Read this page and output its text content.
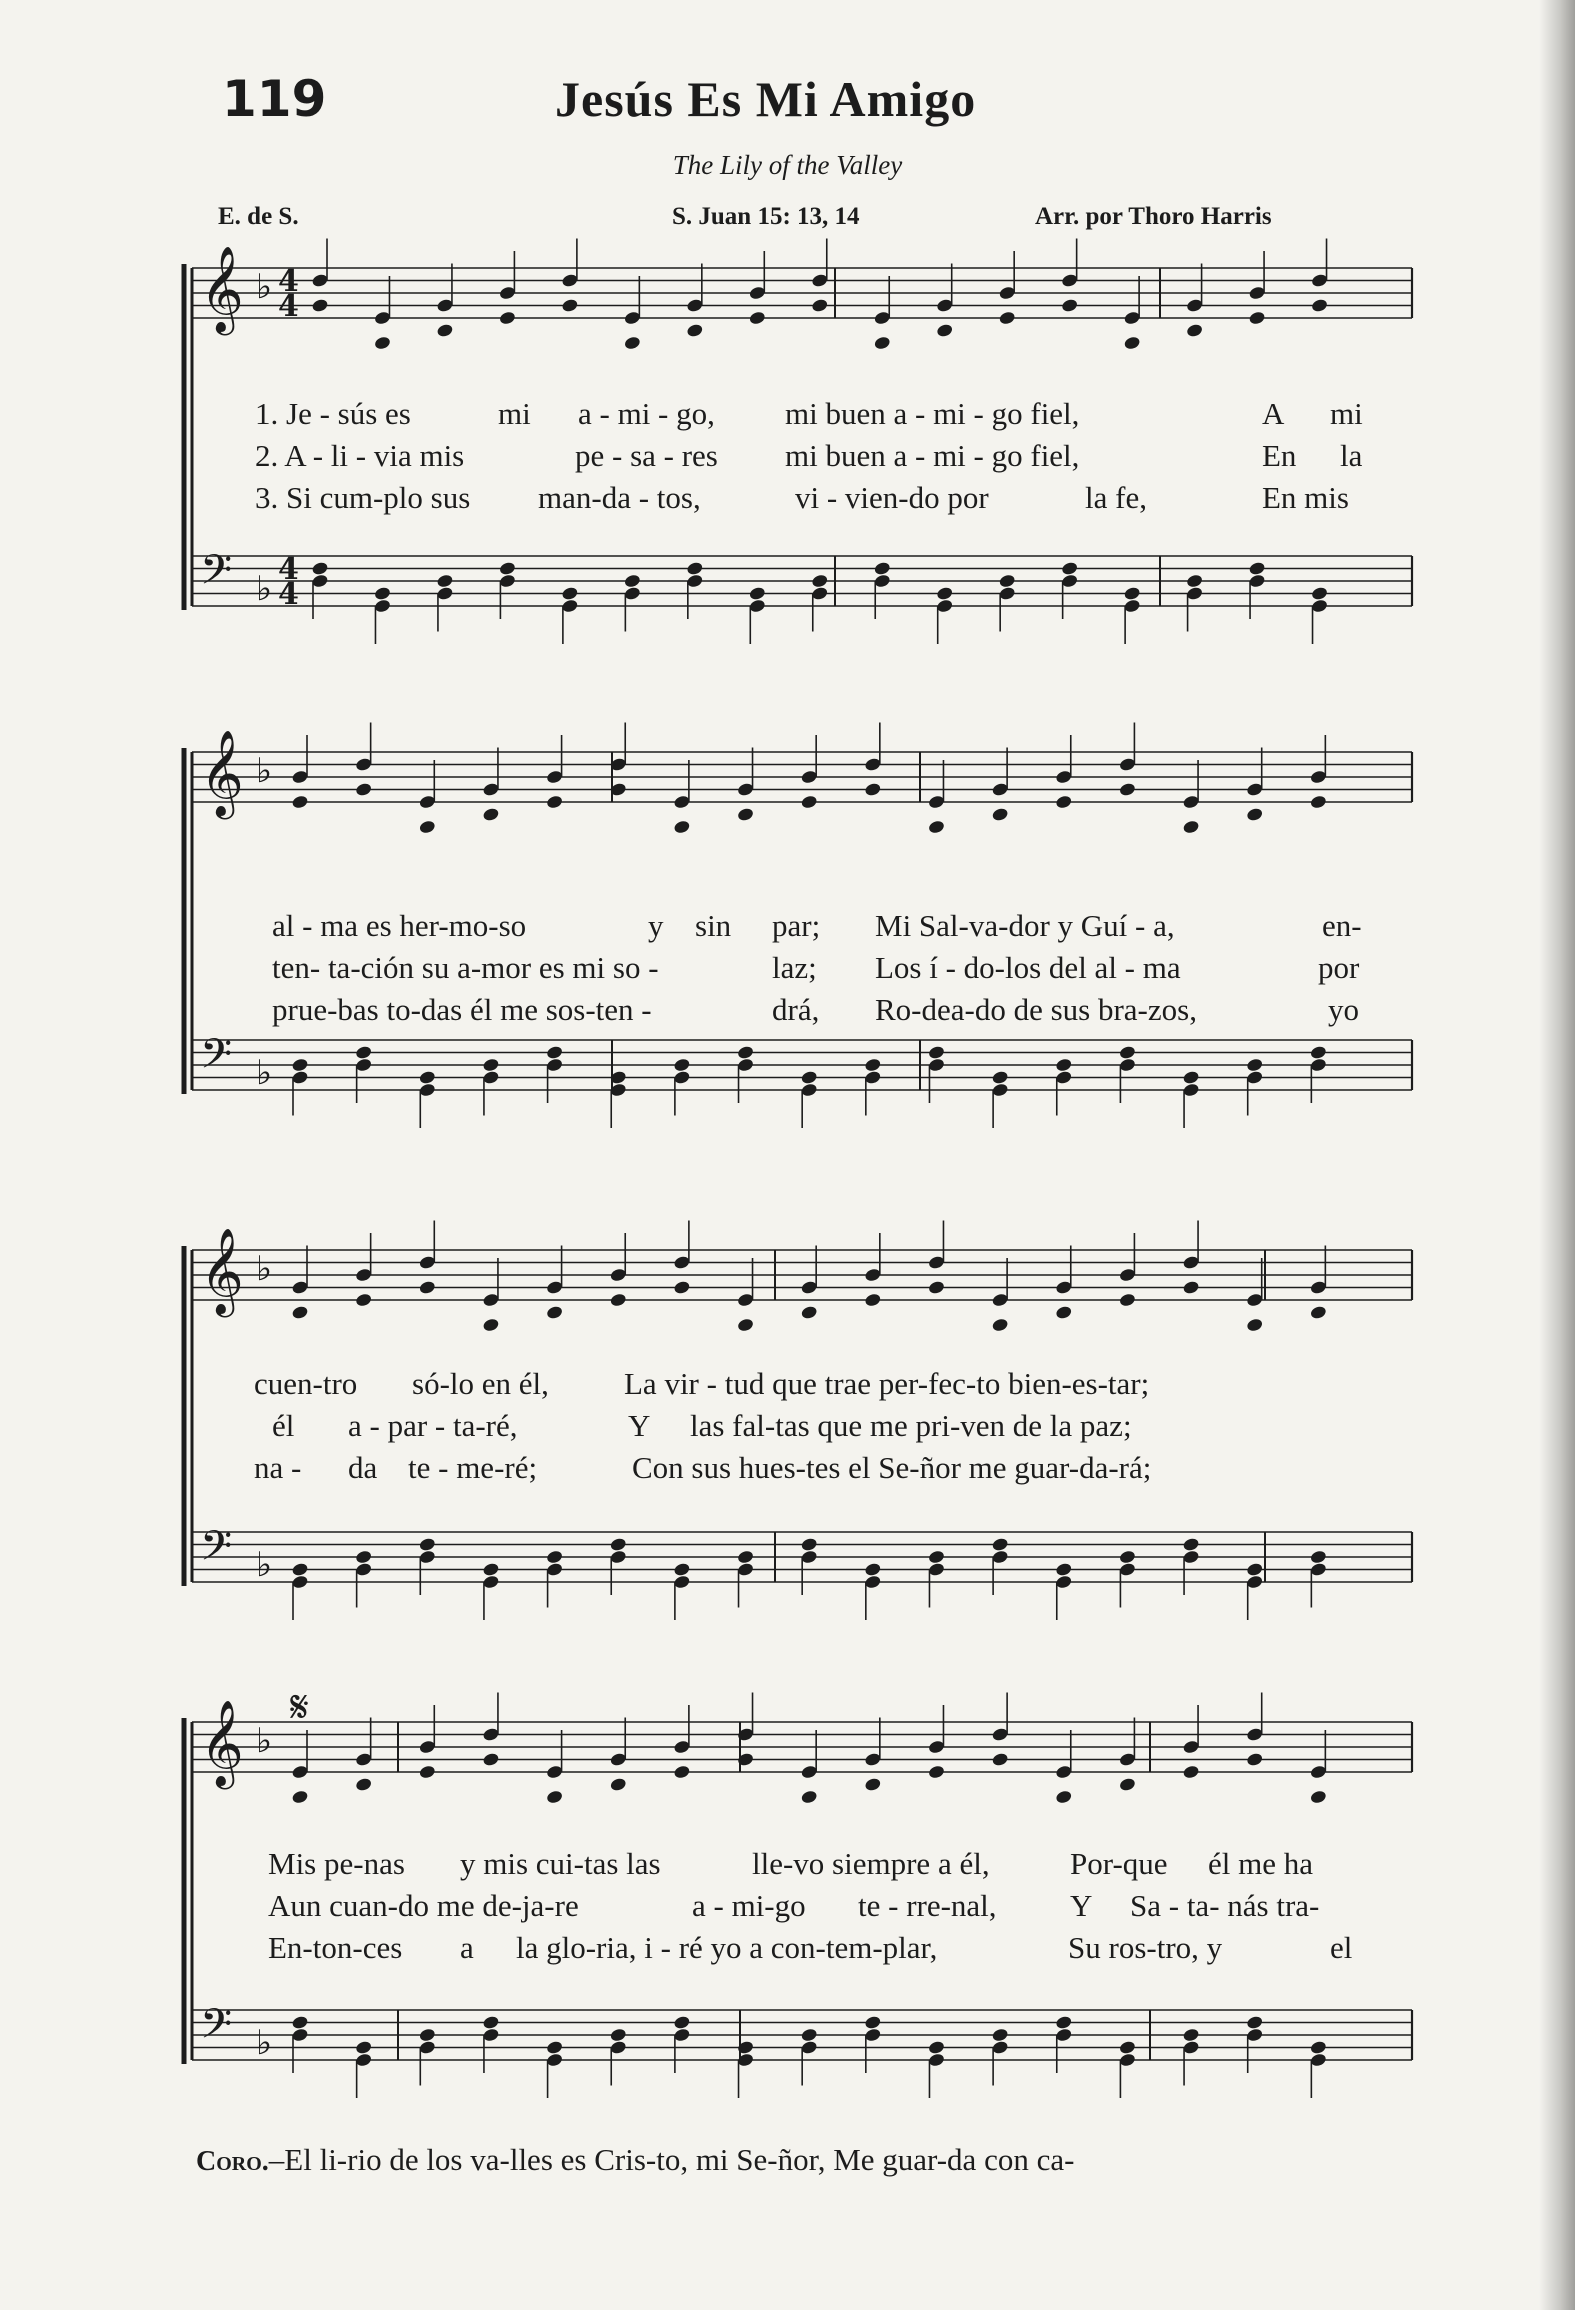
119	Jesús Es Mi Amigo
The Lily of the Valley
E. de S.	S. Juan 15: 13, 14	Arr. por Thoro Harris
𝄞 ♭ 4
4
𝄢 ♭ 4
4
𝄞 ♭
𝄢 ♭
𝄞 ♭
𝄢 ♭
𝄞 ♭
𝄢 ♭
𝄋
1. Je - sús es	mi a - mi - go, mi buen a - mi - go fiel,	A mi
2. A - li - via mis	pe - sa - res mi buen a - mi - go fiel,	En la
3. Si cum-plo sus man-da - tos,	vi - vien-do por	la fe,	En mis
al - ma es her-mo-so	y sin par; Mi Sal-va-dor y Guí - a,	en-
ten- ta-ción su a-mor es mi so -	laz; Los í - do-los del al - ma	por
prue-bas to-das él me sos-ten -	drá, Ro-dea-do de sus bra-zos,	yo
cuen-tro só-lo en él, La vir - tud que trae per-fec-to bien-es-tar;
él a - par - ta-ré,	Y las fal-tas que me pri-ven de la paz;
na - da te - me-ré;	Con sus hues-tes el Se-ñor me guar-da-rá;
Mis pe-nas y mis cui-tas las	lle-vo siempre a él,	Por-que él me ha
Aun cuan-do me de-ja-re	a - mi-go te - rre-nal, Y Sa - ta- nás tra-
En-ton-ces a la glo-ria, i - ré yo a con-tem-plar,	Su ros-tro, y	el
Coro.–El li-rio de los va-lles es Cris-to, mi Se-ñor, Me guar-da con ca-
